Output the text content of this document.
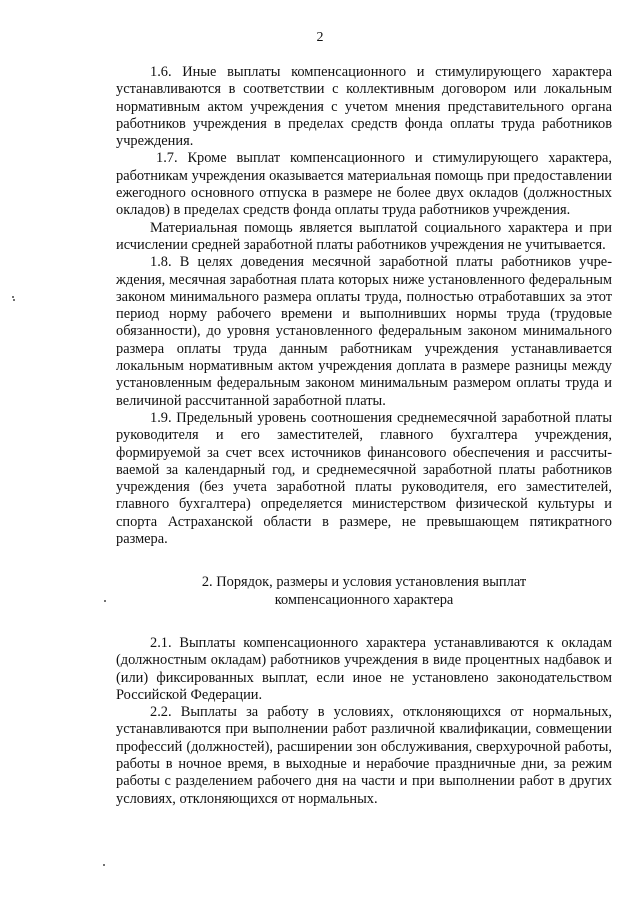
2

1.6. Иные выплаты компенсационного и стимулирующего характера устанавливаются в соответствии с коллективным договором или локальным нормативным актом учреждения с учетом мнения представительного органа работников учреждения в пределах средств фонда оплаты труда работников учреждения.

1.7. Кроме выплат компенсационного и стимулирующего характера, работникам учреждения оказывается материальная помощь при предоставлении ежегодного основного отпуска в размере не более двух окладов (должностных окладов) в пределах средств фонда оплаты труда работников учреждения.

Материальная помощь является выплатой социального характера и при исчислении средней заработной платы работников учреждения не учитывается.

1.8. В целях доведения месячной заработной платы работников учреждения, месячная заработная плата которых ниже установленного федеральным законом минимального размера оплаты труда, полностью отработавших за этот период норму рабочего времени и выполнивших нормы труда (трудовые обязанности), до уровня установленного федеральным законом минимального размера оплаты труда данным работникам учреждения устанавливается локальным нормативным актом учреждения доплата в размере разницы между установленным федеральным законом минимальным размером оплаты труда и величиной рассчитанной заработной платы.

1.9. Предельный уровень соотношения среднемесячной заработной платы руководителя и его заместителей, главного бухгалтера учреждения, формируемой за счет всех источников финансового обеспечения и рассчитываемой за календарный год, и среднемесячной заработной платы работников учреждения (без учета заработной платы руководителя, его заместителей, главного бухгалтера) определяется министерством физической культуры и спорта Астраханской области в размере, не превышающем пятикратного размера.

2. Порядок, размеры и условия установления выплат

компенсационного характера

2.1. Выплаты компенсационного характера устанавливаются к окладам (должностным окладам) работников учреждения в виде процентных надбавок и (или) фиксированных выплат, если иное не установлено законодательством Российской Федерации.

2.2. Выплаты за работу в условиях, отклоняющихся от нормальных, устанавливаются при выполнении работ различной квалификации, совмещении профессий (должностей), расширении зон обслуживания, сверхурочной работы, работы в ночное время, в выходные и нерабочие праздничные дни, за режим работы с разделением рабочего дня на части и при выполнении работ в других условиях, отклоняющихся от нормальных.
